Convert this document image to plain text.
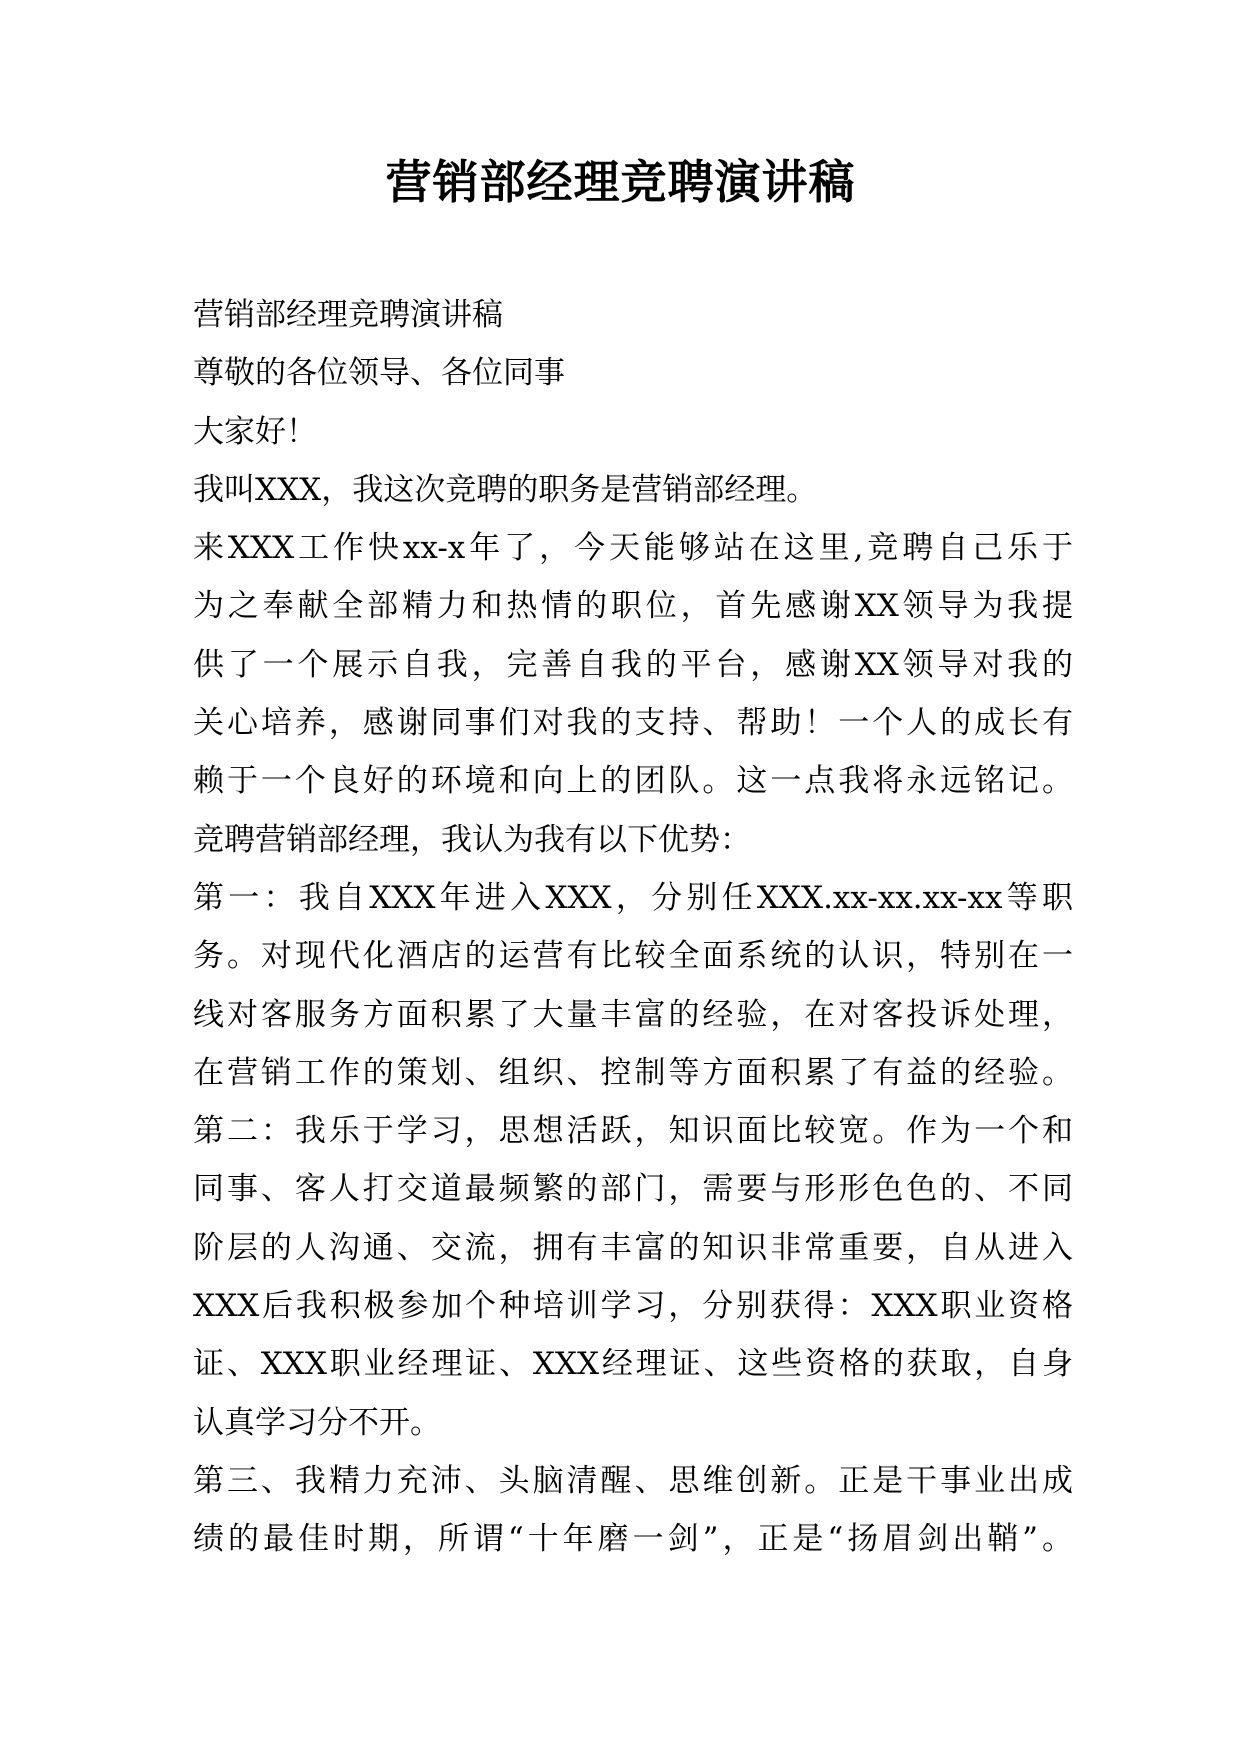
营销部经理竞聘演讲稿
营销部经理竞聘演讲稿
尊敬的各位领导、各位同事
大家好！
我叫XXX，我这次竞聘的职务是营销部经理。
来XXX工作快xx-x年了，今天能够站在这里,竞聘自己乐于
为之奉献全部精力和热情的职位，首先感谢XX领导为我提
供了一个展示自我，完善自我的平台，感谢XX领导对我的
关心培养，感谢同事们对我的支持、帮助！一个人的成长有
赖于一个良好的环境和向上的团队。这一点我将永远铭记。
竞聘营销部经理，我认为我有以下优势：
第一：我自XXX年进入XXX，分别任XXX.xx-xx.xx-xx等职
务。对现代化酒店的运营有比较全面系统的认识，特别在一
线对客服务方面积累了大量丰富的经验，在对客投诉处理，
在营销工作的策划、组织、控制等方面积累了有益的经验。
第二：我乐于学习，思想活跃，知识面比较宽。作为一个和
同事、客人打交道最频繁的部门，需要与形形色色的、不同
阶层的人沟通、交流，拥有丰富的知识非常重要，自从进入
XXX后我积极参加个种培训学习，分别获得：XXX职业资格
证、XXX职业经理证、XXX经理证、这些资格的获取，自身
认真学习分不开。
第三、我精力充沛、头脑清醒、思维创新。正是干事业出成
绩的最佳时期，所谓“十年磨一剑”，正是“扬眉剑出鞘”。
